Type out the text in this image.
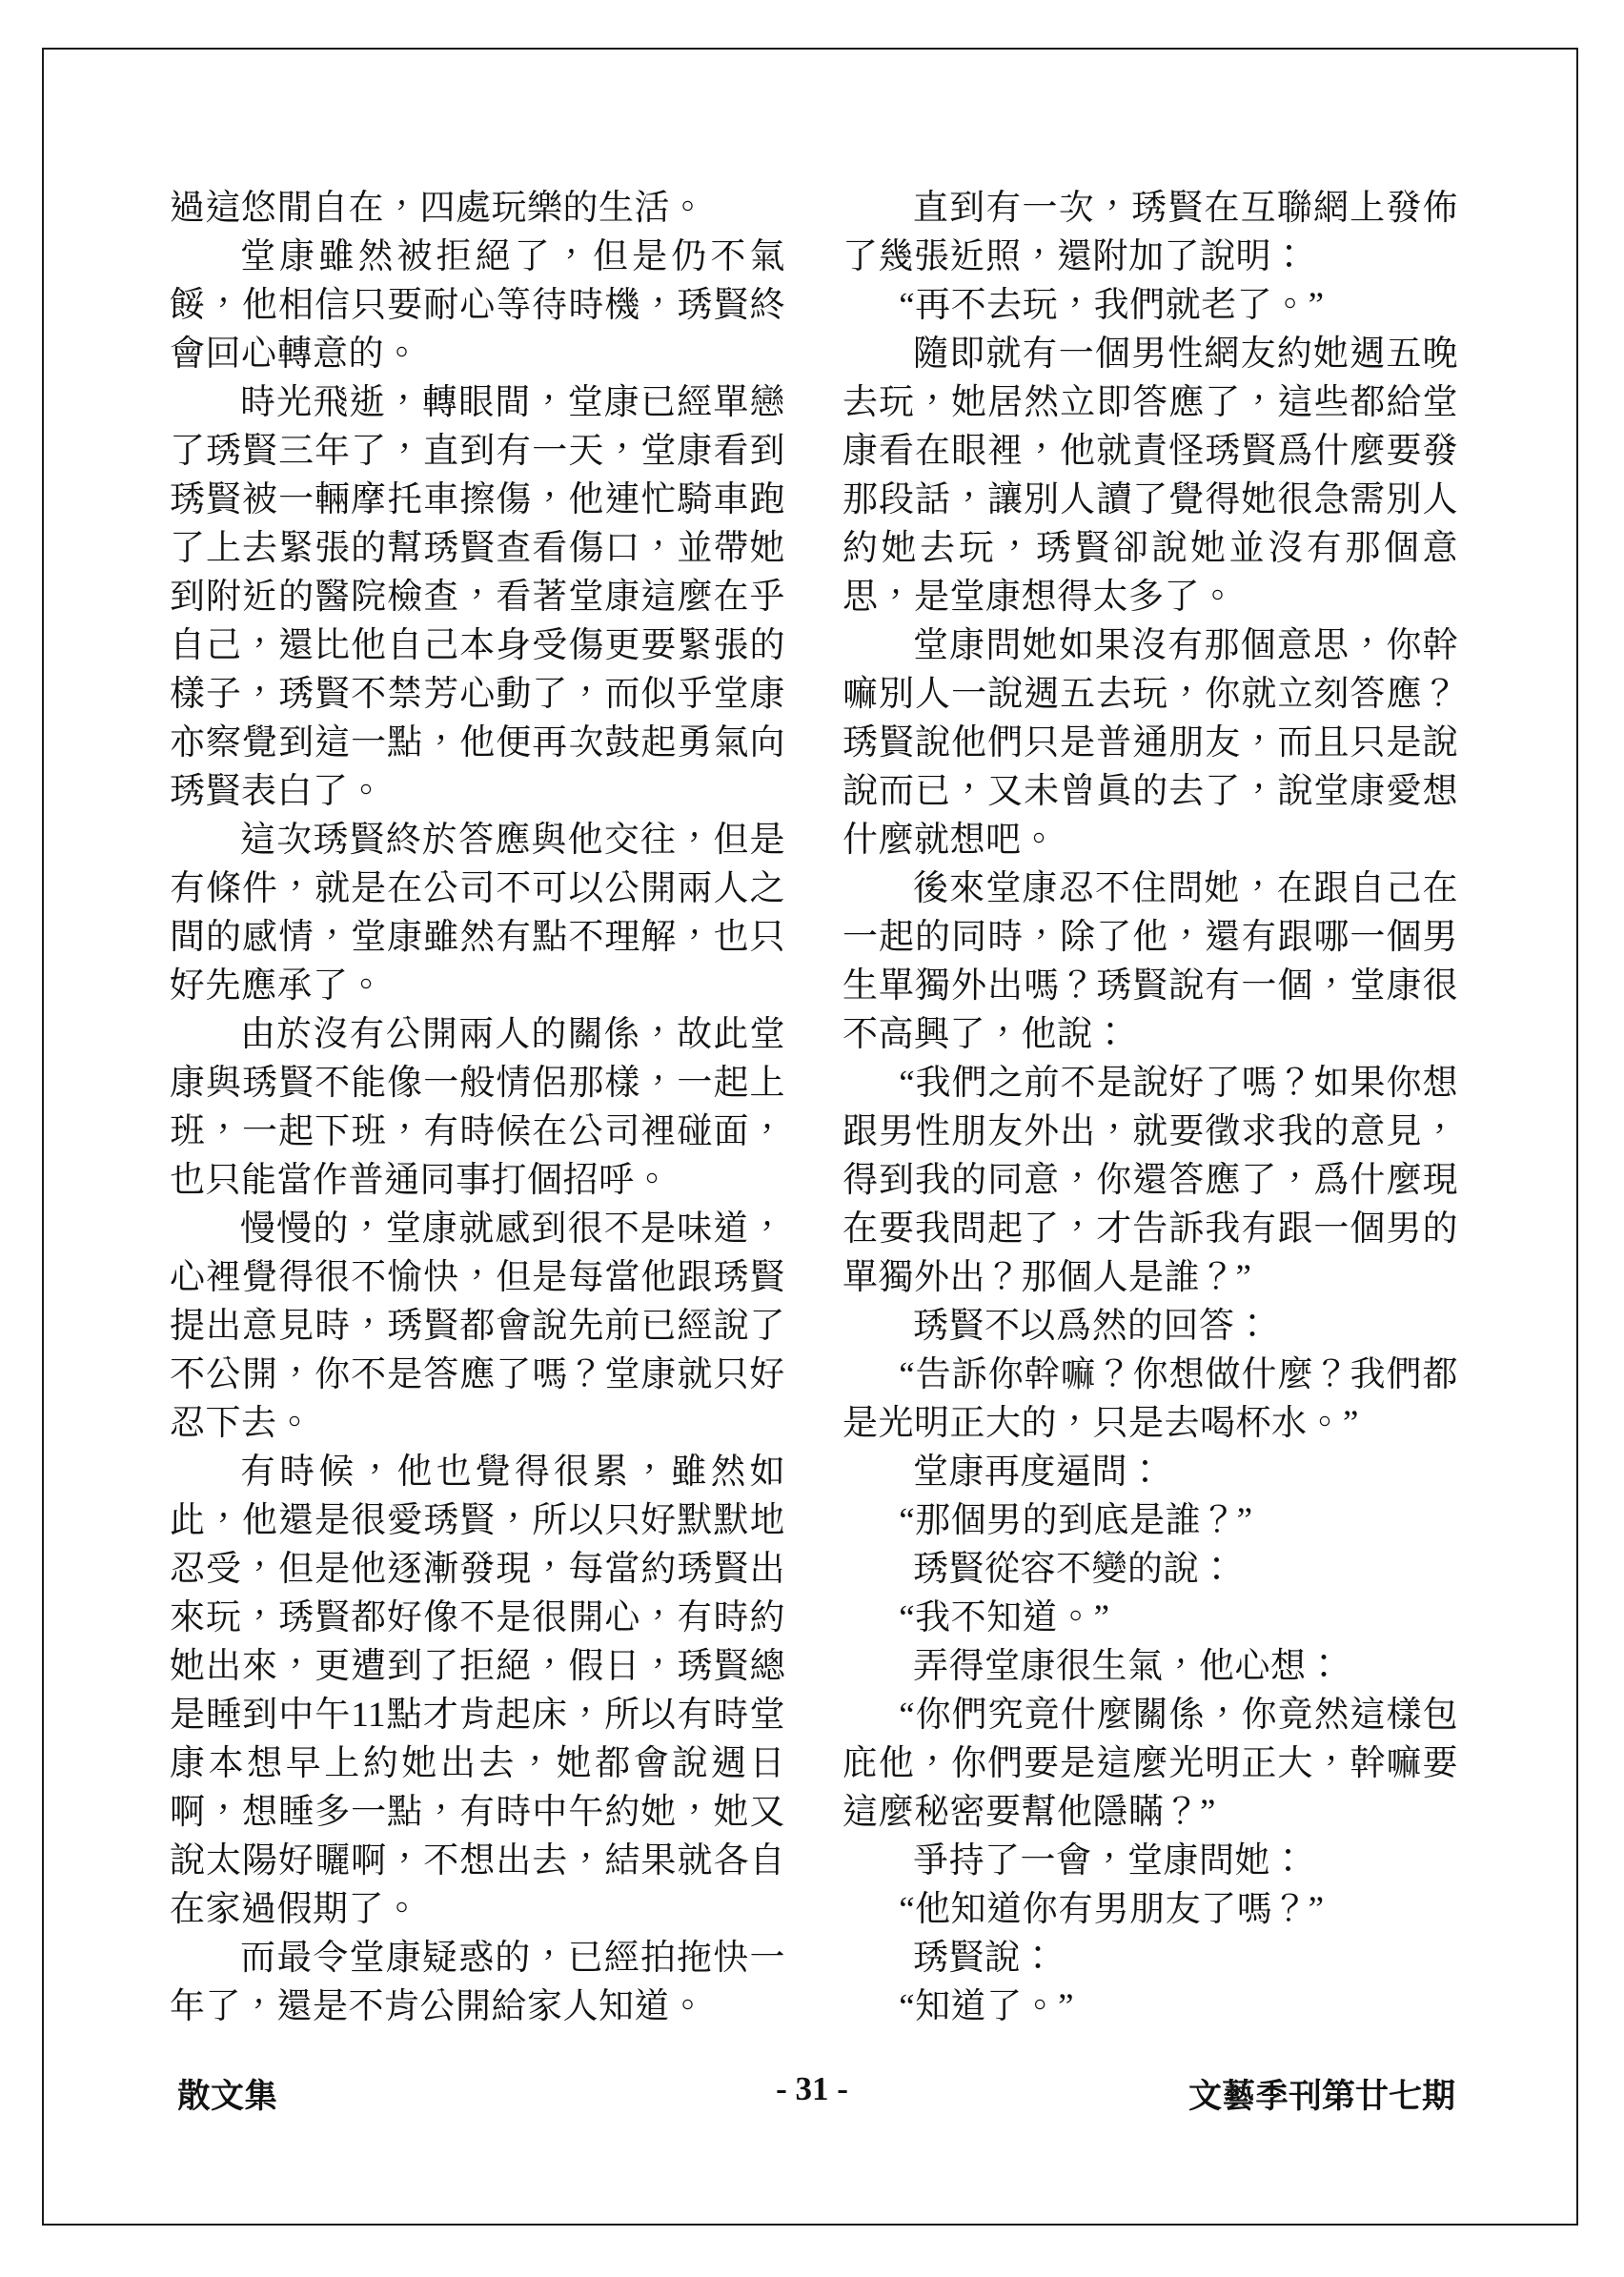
過這悠閒自在，四處玩樂的生活。

堂康雖然被拒絕了，但是仍不氣餒，他相信只要耐心等待時機，琇賢終會回心轉意的。

時光飛逝，轉眼間，堂康已經單戀了琇賢三年了，直到有一天，堂康看到琇賢被一輛摩托車擦傷，他連忙騎車跑了上去緊張的幫琇賢查看傷口，並帶她到附近的醫院檢查，看著堂康這麼在乎自己，還比他自己本身受傷更要緊張的樣子，琇賢不禁芳心動了，而似乎堂康亦察覺到這一點，他便再次鼓起勇氣向琇賢表白了。

這次琇賢終於答應與他交往，但是有條件，就是在公司不可以公開兩人之間的感情，堂康雖然有點不理解，也只好先應承了。

由於沒有公開兩人的關係，故此堂康與琇賢不能像一般情侶那樣，一起上班，一起下班，有時候在公司裡碰面，也只能當作普通同事打個招呼。

慢慢的，堂康就感到很不是味道，心裡覺得很不愉快，但是每當他跟琇賢提出意見時，琇賢都會說先前已經說了不公開，你不是答應了嗎？堂康就只好忍下去。

有時候，他也覺得很累，雖然如此，他還是很愛琇賢，所以只好默默地忍受，但是他逐漸發現，每當約琇賢出來玩，琇賢都好像不是很開心，有時約她出來，更遭到了拒絕，假日，琇賢總是睡到中午11點才肯起床，所以有時堂康本想早上約她出去，她都會說週日啊，想睡多一點，有時中午約她，她又說太陽好曬啊，不想出去，結果就各自在家過假期了。

而最令堂康疑惑的，已經拍拖快一年了，還是不肯公開給家人知道。

直到有一次，琇賢在互聯網上發佈了幾張近照，還附加了說明：

“再不去玩，我們就老了。”

隨即就有一個男性網友約她週五晚去玩，她居然立即答應了，這些都給堂康看在眼裡，他就責怪琇賢爲什麼要發那段話，讓別人讀了覺得她很急需別人約她去玩，琇賢卻說她並沒有那個意思，是堂康想得太多了。

堂康問她如果沒有那個意思，你幹嘛別人一說週五去玩，你就立刻答應？琇賢說他們只是普通朋友，而且只是說說而已，又未曾眞的去了，說堂康愛想什麼就想吧。

後來堂康忍不住問她，在跟自己在一起的同時，除了他，還有跟哪一個男生單獨外出嗎？琇賢說有一個，堂康很不高興了，他說：

“我們之前不是說好了嗎？如果你想跟男性朋友外出，就要徵求我的意見，得到我的同意，你還答應了，爲什麼現在要我問起了，才告訴我有跟一個男的單獨外出？那個人是誰？”

琇賢不以爲然的回答：

“告訴你幹嘛？你想做什麼？我們都是光明正大的，只是去喝杯水。”

堂康再度逼問：

“那個男的到底是誰？”

琇賢從容不變的說：

“我不知道。”

弄得堂康很生氣，他心想：

“你們究竟什麼關係，你竟然這樣包庇他，你們要是這麼光明正大，幹嘛要這麼秘密要幫他隱瞞？”

爭持了一會，堂康問她：

“他知道你有男朋友了嗎？”

琇賢說：

“知道了。”

散文集	- 31 -	文藝季刊第廿七期
